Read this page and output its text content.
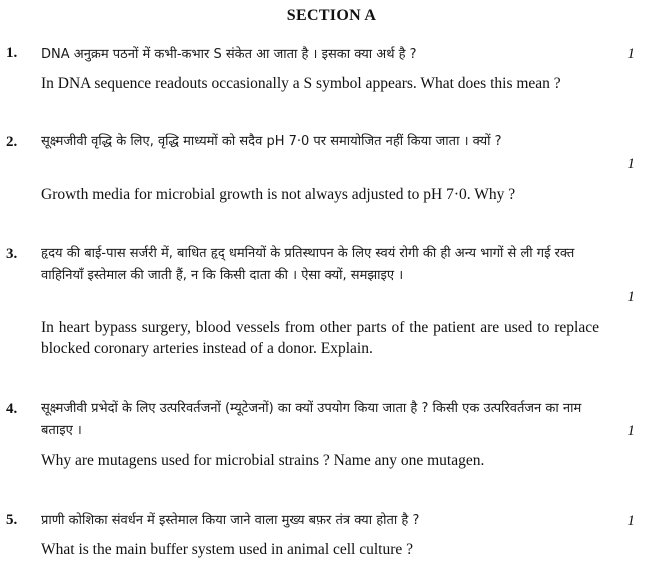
SECTION A
1. DNA अनुक्रम पठनों में कभी-कभार S संकेत आ जाता है । इसका क्या अर्थ है ?	1
In DNA sequence readouts occasionally a S symbol appears. What does this mean ?
2. सूक्ष्मजीवी वृद्धि के लिए, वृद्धि माध्यमों को सदैव pH 7·0 पर समायोजित नहीं किया जाता । क्यों ?
1
Growth media for microbial growth is not always adjusted to pH 7·0. Why ?
3. हृदय की बाई-पास सर्जरी में, बाधित हृद् धमनियों के प्रतिस्थापन के लिए स्वयं रोगी की ही अन्य भागों से ली गई रक्त वाहिनियाँ इस्तेमाल की जाती हैं, न कि किसी दाता की । ऐसा क्यों, समझाइए ।
1
In heart bypass surgery, blood vessels from other parts of the patient are used to replace blocked coronary arteries instead of a donor. Explain.
4. सूक्ष्मजीवी प्रभेदों के लिए उत्परिवर्तजनों (म्यूटेजनों) का क्यों उपयोग किया जाता है ? किसी एक उत्परिवर्तजन का नाम बताइए ।	1
Why are mutagens used for microbial strains ? Name any one mutagen.
5. प्राणी कोशिका संवर्धन में इस्तेमाल किया जाने वाला मुख्य बफ़र तंत्र क्या होता है ?	1
What is the main buffer system used in animal cell culture ?
